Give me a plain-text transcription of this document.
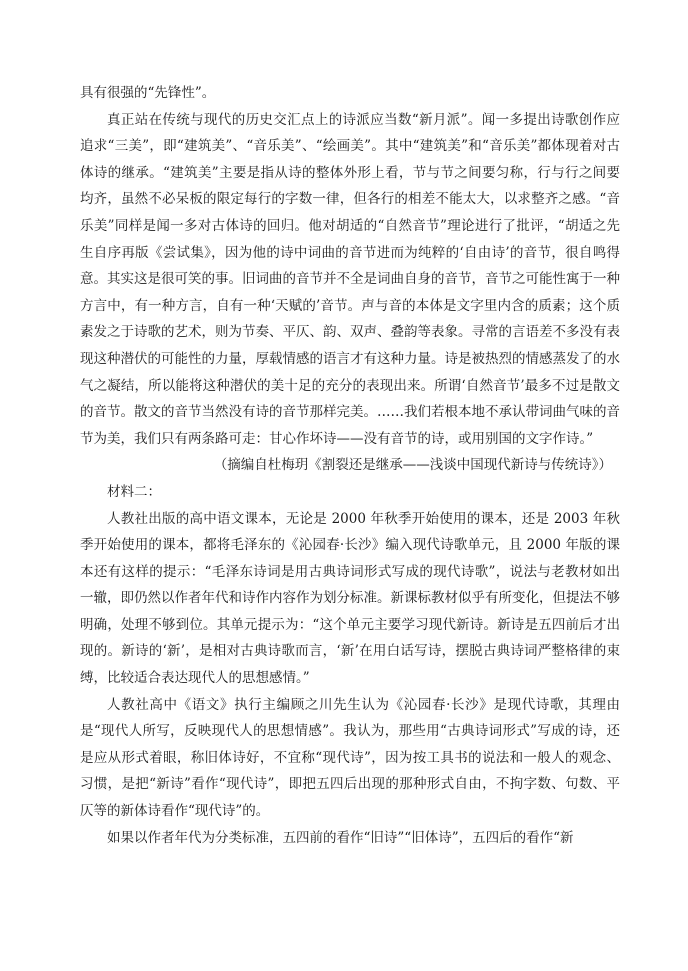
具有很强的“先锋性”。

真正站在传统与现代的历史交汇点上的诗派应当数“新月派”。闻一多提出诗歌创作应追求“三美”，即“建筑美”、“音乐美”、“绘画美”。其中“建筑美”和“音乐美”都体现着对古体诗的继承。“建筑美”主要是指从诗的整体外形上看，节与节之间要匀称，行与行之间要均齐，虽然不必呆板的限定每行的字数一律，但各行的相差不能太大，以求整齐之感。“音乐美”同样是闻一多对古体诗的回归。他对胡适的“自然音节”理论进行了批评，“胡适之先生自序再版《尝试集》，因为他的诗中词曲的音节进而为纯粹的‘自由诗’的音节，很自鸣得意。其实这是很可笑的事。旧词曲的音节并不全是词曲自身的音节，音节之可能性寓于一种方言中，有一种方言，自有一种‘天赋的’音节。声与音的本体是文字里内含的质素；这个质素发之于诗歌的艺术，则为节奏、平仄、韵、双声、叠韵等表象。寻常的言语差不多没有表现这种潜伏的可能性的力量，厚载情感的语言才有这种力量。诗是被热烈的情感蒸发了的水气之凝结，所以能将这种潜伏的美十足的充分的表现出来。所谓‘自然音节’最多不过是散文的音节。散文的音节当然没有诗的音节那样完美。……我们若根本地不承认带词曲气味的音节为美，我们只有两条路可走：甘心作坏诗——没有音节的诗，或用别国的文字作诗。”

（摘编自杜梅玥《割裂还是继承——浅谈中国现代新诗与传统诗》）

材料二：

人教社出版的高中语文课本，无论是 2000 年秋季开始使用的课本，还是 2003 年秋季开始使用的课本，都将毛泽东的《沁园春·长沙》编入现代诗歌单元，且 2000 年版的课本还有这样的提示：“毛泽东诗词是用古典诗词形式写成的现代诗歌”，说法与老教材如出一辙，即仍然以作者年代和诗作内容作为划分标准。新课标教材似乎有所变化，但提法不够明确，处理不够到位。其单元提示为：“这个单元主要学习现代新诗。新诗是五四前后才出现的。新诗的‘新’，是相对古典诗歌而言，‘新’在用白话写诗，摆脱古典诗词严整格律的束缚，比较适合表达现代人的思想感情。”

人教社高中《语文》执行主编顾之川先生认为《沁园春·长沙》是现代诗歌，其理由是“现代人所写，反映现代人的思想情感”。我认为，那些用“古典诗词形式”写成的诗，还是应从形式着眼，称旧体诗好，不宜称“现代诗”，因为按工具书的说法和一般人的观念、习惯，是把“新诗”看作“现代诗”，即把五四后出现的那种形式自由，不拘字数、句数、平仄等的新体诗看作“现代诗”的。

如果以作者年代为分类标准，五四前的看作“旧诗”“旧体诗”，五四后的看作“新
